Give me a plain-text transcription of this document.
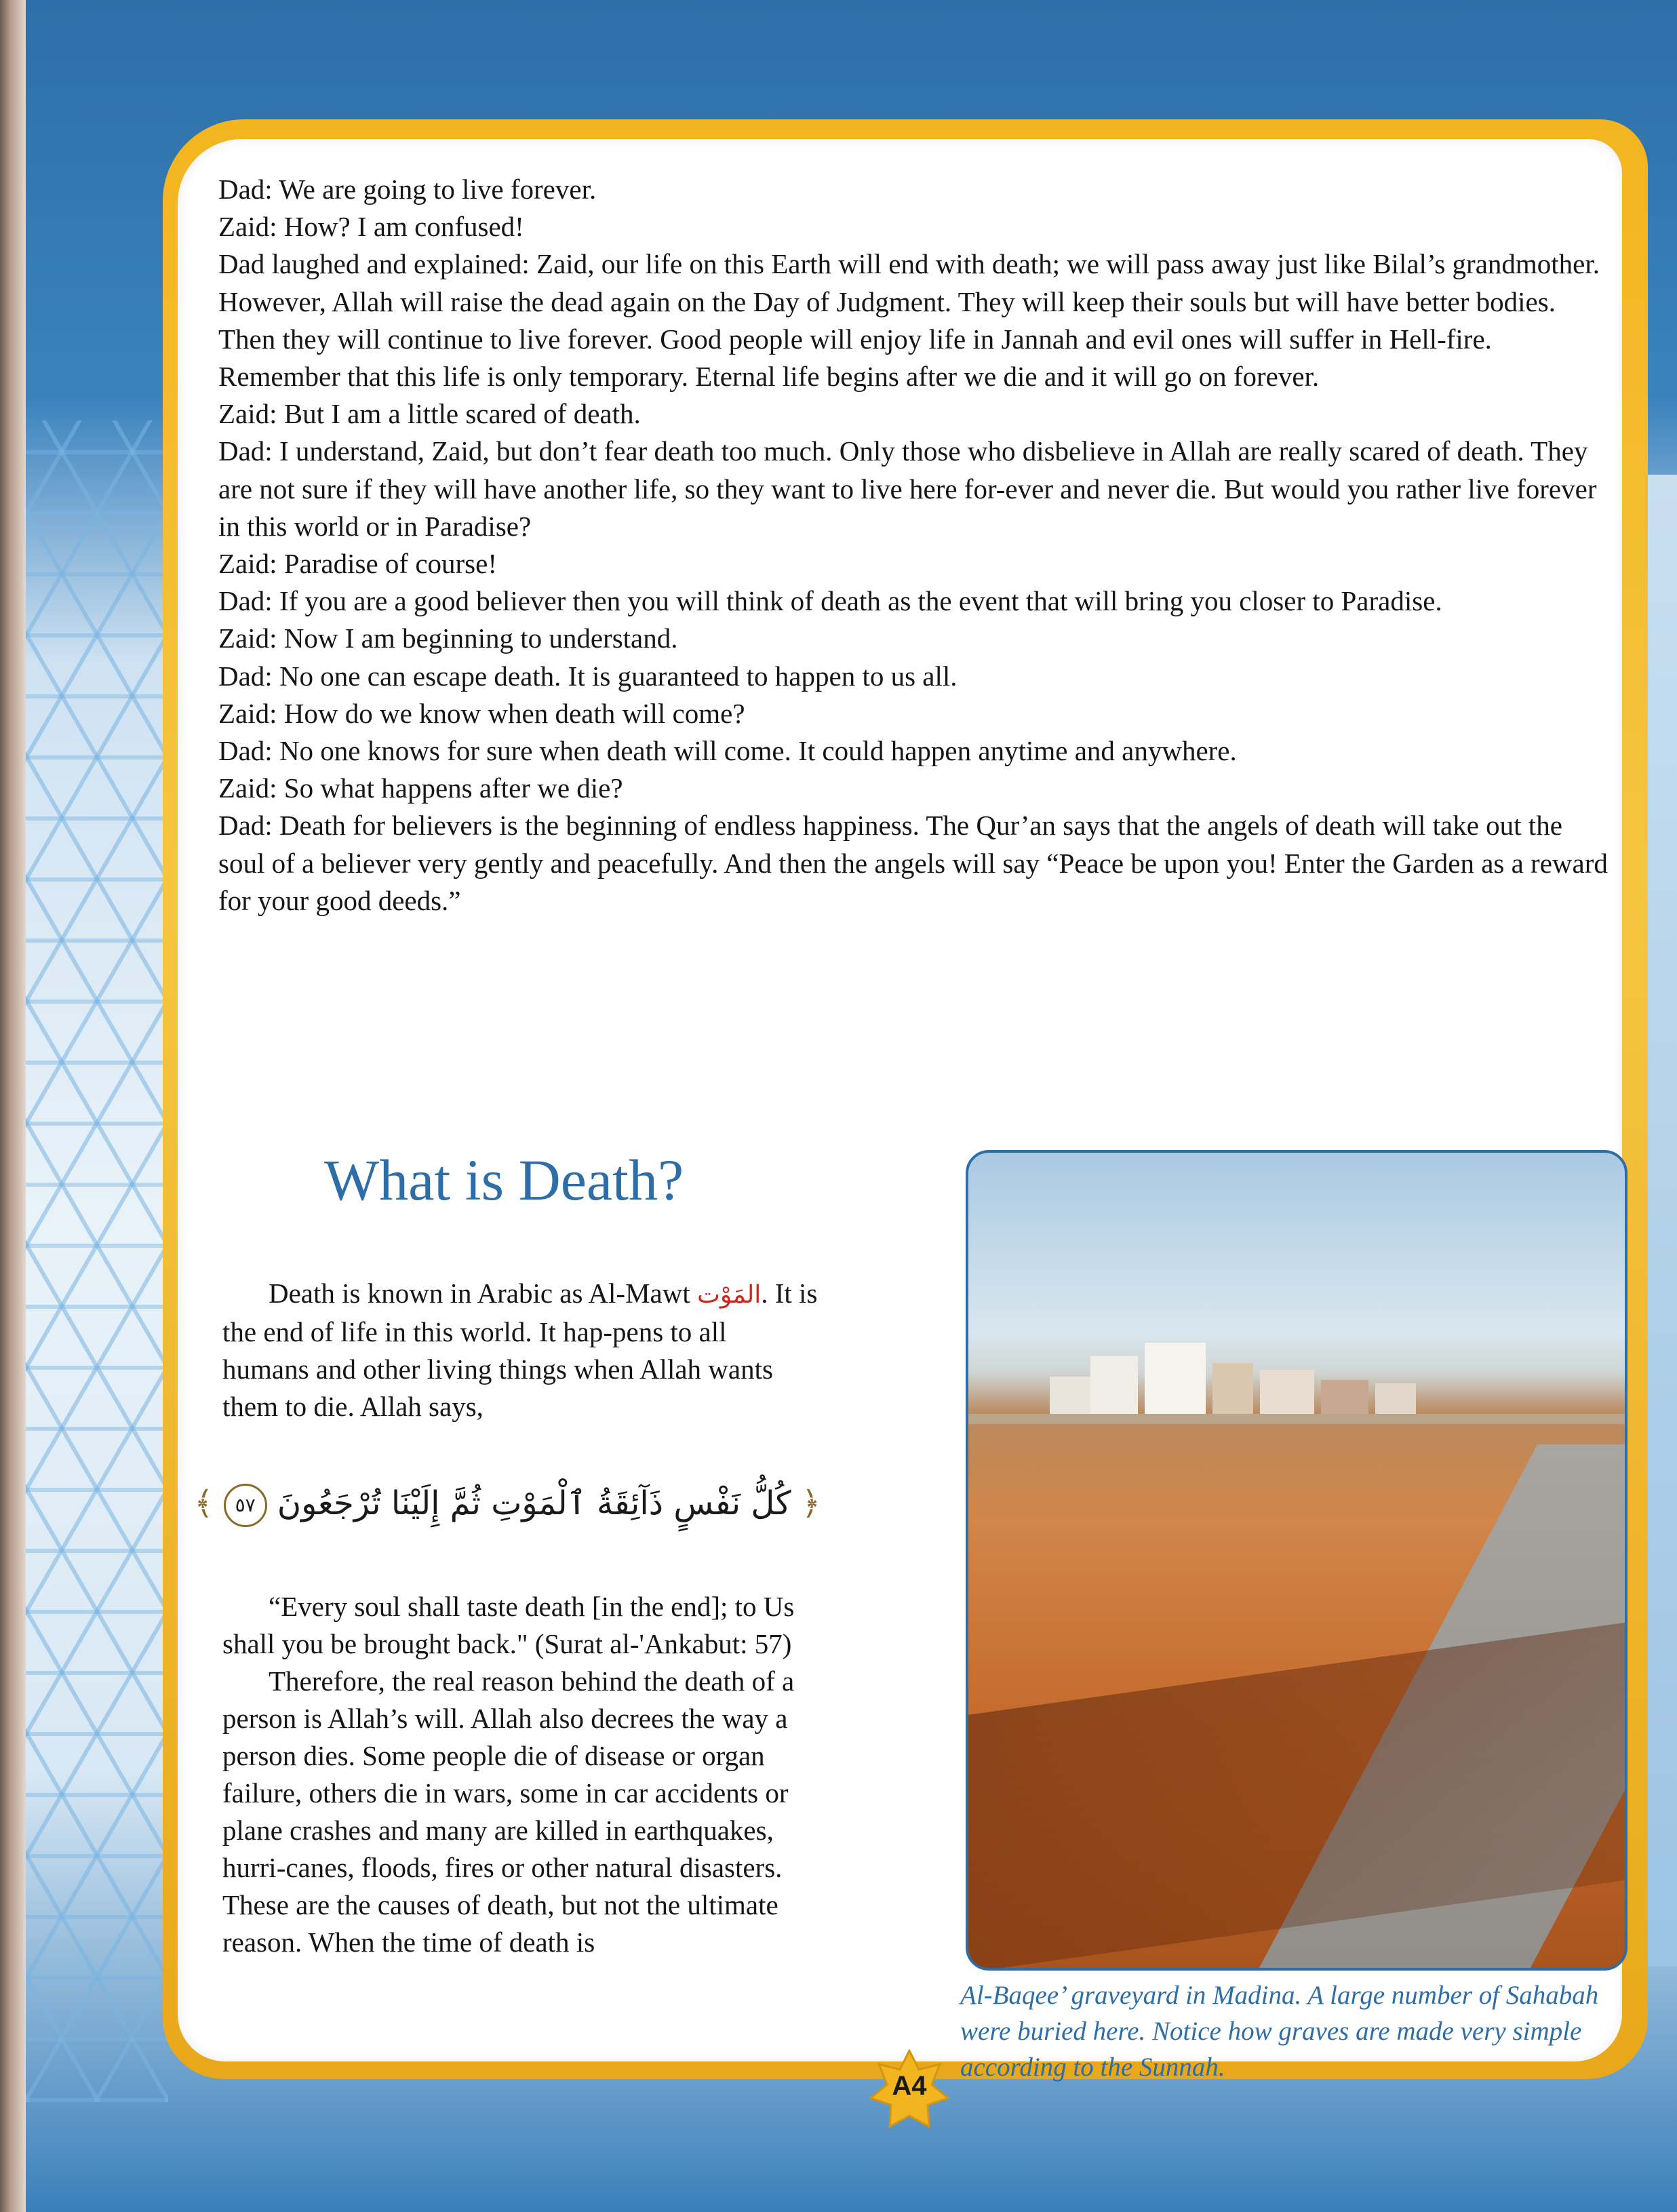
Dad: We are going to live forever.

Zaid: How? I am confused!

Dad laughed and explained: Zaid, our life on this Earth will end with death; we will pass away just like Bilal’s grandmother. However, Allah will raise the dead again on the Day of Judgment. They will keep their souls but will have better bodies. Then they will continue to live forever. Good people will enjoy life in Jannah and evil ones will suffer in Hell-fire.

Remember that this life is only temporary. Eternal life begins after we die and it will go on forever.

Zaid: But I am a little scared of death.

Dad: I understand, Zaid, but don’t fear death too much. Only those who disbelieve in Allah are really scared of death. They are not sure if they will have another life, so they want to live here for-ever and never die. But would you rather live forever in this world or in Paradise?

Zaid: Paradise of course!

Dad: If you are a good believer then you will think of death as the event that will bring you closer to Paradise.

Zaid: Now I am beginning to understand.

Dad: No one can escape death. It is guaranteed to happen to us all.

Zaid: How do we know when death will come?

Dad: No one knows for sure when death will come. It could happen anytime and anywhere.

Zaid: So what happens after we die?

Dad: Death for believers is the beginning of endless happiness. The Qur’an says that the angels of death will take out the soul of a believer very gently and peacefully. And then the angels will say “Peace be upon you! Enter the Garden as a reward for your good deeds.”

What is Death?

Death is known in Arabic as Al-Mawt المَوْت. It is the end of life in this world. It hap-pens to all humans and other living things when Allah wants them to die. Allah says,

﴿ كُلُّ نَفْسٍ ذَآئِقَةُ ٱلْمَوْتِ ثُمَّ إِلَيْنَا تُرْجَعُونَ ٥٧ ﴾

“Every soul shall taste death [in the end]; to Us shall you be brought back." (Surat al-'Ankabut: 57)

Therefore, the real reason behind the death of a person is Allah’s will. Allah also decrees the way a person dies. Some people die of disease or organ failure, others die in wars, some in car accidents or plane crashes and many are killed in earthquakes, hurri-canes, floods, fires or other natural disasters. These are the causes of death, but not the ultimate reason. When the time of death is

Al-Baqee’ graveyard in Madina. A large number of Sahabah were buried here. Notice how graves are made very simple according to the Sunnah.

A4
